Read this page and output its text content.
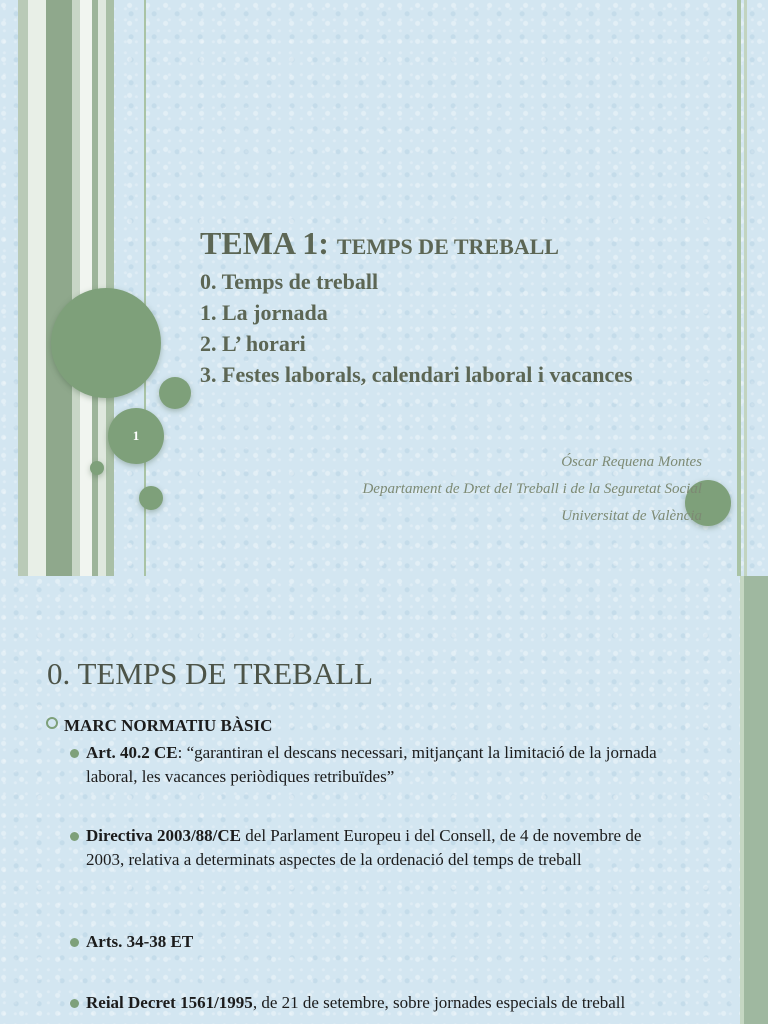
1
TEMA 1: TEMPS DE TREBALL
0. Temps de treball
1. La jornada
2. L’ horari
3. Festes laborals, calendari laboral i vacances
Óscar Requena Montes
Departament de Dret del Treball i de la Seguretat Social
Universitat de València
0. TEMPS DE TREBALL
MARC NORMATIU BÀSIC
Art. 40.2 CE: “garantiran el descans necessari, mitjançant la limitació de la jornada laboral, les vacances periòdiques retribuïdes”
Directiva 2003/88/CE del Parlament Europeu i del Consell, de 4 de novembre de 2003, relativa a determinats aspectes de la ordenació del temps de treball
Arts. 34-38 ET
Reial Decret 1561/1995, de 21 de setembre, sobre jornades especials de treball
